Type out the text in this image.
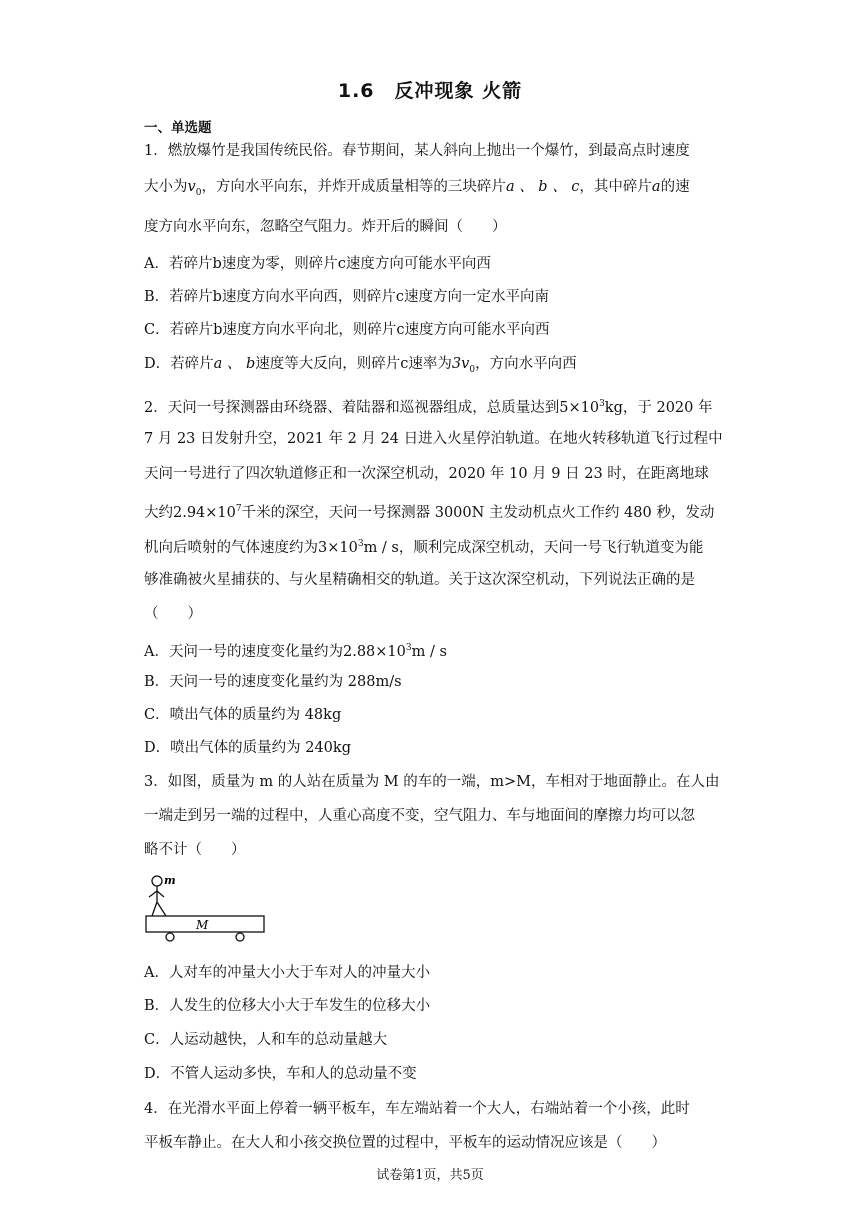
1.6　反冲现象 火箭
一、单选题
1．燃放爆竹是我国传统民俗。春节期间，某人斜向上抛出一个爆竹，到最高点时速度
大小为$v_0$，方向水平向东，并炸开成质量相等的三块碎片a 、 b 、 c，其中碎片a的速
度方向水平向东，忽略空气阻力。炸开后的瞬间（　　）
A．若碎片b速度为零，则碎片c速度方向可能水平向西
B．若碎片b速度方向水平向西，则碎片c速度方向一定水平向南
C．若碎片b速度方向水平向北，则碎片c速度方向可能水平向西
D．若碎片a 、 b速度等大反向，则碎片c速率为$3v_0$，方向水平向西
2．天问一号探测器由环绕器、着陆器和巡视器组成，总质量达到$5\times 10^3kg$，于 2020 年
7 月 23 日发射升空，2021 年 2 月 24 日进入火星停泊轨道。在地火转移轨道飞行过程中
天问一号进行了四次轨道修正和一次深空机动，2020 年 10 月 9 日 23 时，在距离地球
大约$2.94\times 10^7$千米的深空，天问一号探测器 3000N 主发动机点火工作约 480 秒，发动
机向后喷射的气体速度约为$3\times 10^3m / s$，顺利完成深空机动，天问一号飞行轨道变为能
够准确被火星捕获的、与火星精确相交的轨道。关于这次深空机动，下列说法正确的是
（　　）
A．天问一号的速度变化量约为$2.88\times 10^3m / s$
B．天问一号的速度变化量约为 288m/s
C．喷出气体的质量约为 48kg
D．喷出气体的质量约为 240kg
3．如图，质量为 m 的人站在质量为 M 的车的一端，m>M，车相对于地面静止。在人由
一端走到另一端的过程中，人重心高度不变，空气阻力、车与地面间的摩擦力均可以忽
略不计（　　）
m
M
A．人对车的冲量大小大于车对人的冲量大小
B．人发生的位移大小大于车发生的位移大小
C．人运动越快，人和车的总动量越大
D．不管人运动多快，车和人的总动量不变
4．在光滑水平面上停着一辆平板车，车左端站着一个大人，右端站着一个小孩，此时
平板车静止。在大人和小孩交换位置的过程中，平板车的运动情况应该是（　　）
试卷第1页，共5页
